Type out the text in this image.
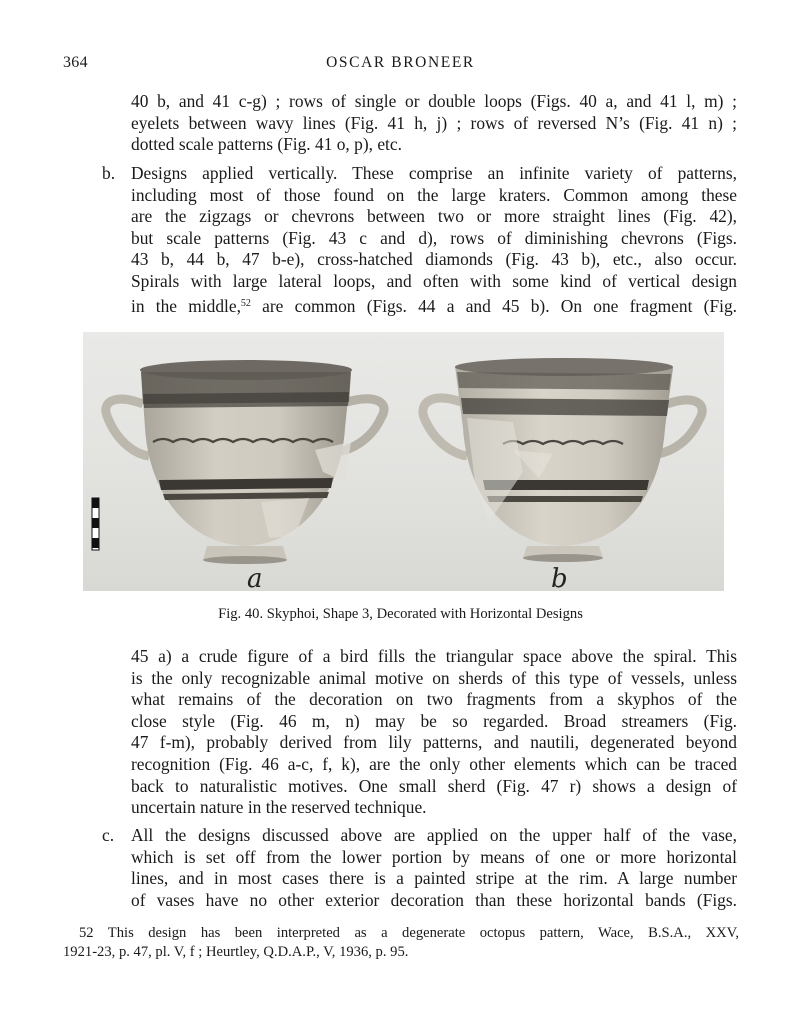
364	OSCAR BRONEER
40 b, and 41 c-g) ; rows of single or double loops (Figs. 40 a, and 41 l, m) ;
eyelets between wavy lines (Fig. 41 h, j) ; rows of reversed N’s (Fig. 41 n) ;
dotted scale patterns (Fig. 41 o, p), etc.
b. Designs applied vertically. These comprise an infinite variety of patterns,
including most of those found on the large kraters. Common among these
are the zigzags or chevrons between two or more straight lines (Fig. 42),
but scale patterns (Fig. 43 c and d), rows of diminishing chevrons (Figs.
43 b, 44 b, 47 b-e), cross-hatched diamonds (Fig. 43 b), etc., also occur.
Spirals with large lateral loops, and often with some kind of vertical design
in the middle,$^{52}$ are common (Figs. 44 a and 45 b). On one fragment (Fig.
a	b
Fig. 40. Skyphoi, Shape 3, Decorated with Horizontal Designs
45 a) a crude figure of a bird fills the triangular space above the spiral. This
is the only recognizable animal motive on sherds of this type of vessels, unless
what remains of the decoration on two fragments from a skyphos of the
close style (Fig. 46 m, n) may be so regarded. Broad streamers (Fig.
47 f-m), probably derived from lily patterns, and nautili, degenerated beyond
recognition (Fig. 46 a-c, f, k), are the only other elements which can be traced
back to naturalistic motives. One small sherd (Fig. 47 r) shows a design of
uncertain nature in the reserved technique.
c. All the designs discussed above are applied on the upper half of the vase,
which is set off from the lower portion by means of one or more horizontal
lines, and in most cases there is a painted stripe at the rim. A large number
of vases have no other exterior decoration than these horizontal bands (Figs.
52 This design has been interpreted as a degenerate octopus pattern, Wace, B.S.A., XXV,
1921-23, p. 47, pl. V, f ; Heurtley, Q.D.A.P., V, 1936, p. 95.
